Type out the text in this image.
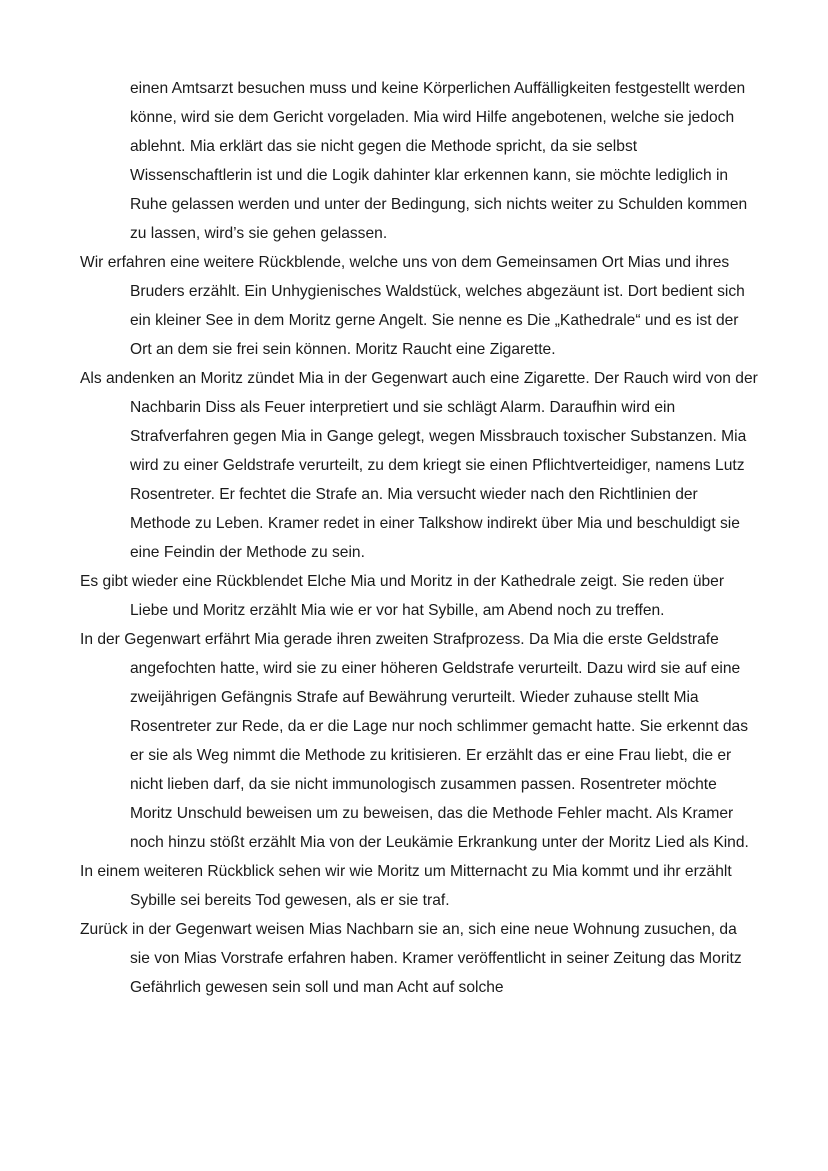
einen Amtsarzt besuchen muss und keine Körperlichen Auffälligkeiten festgestellt werden könne, wird sie dem Gericht vorgeladen. Mia wird Hilfe angebotenen, welche sie jedoch ablehnt. Mia erklärt das sie nicht gegen die Methode spricht, da sie selbst Wissenschaftlerin ist und die Logik dahinter klar erkennen kann, sie möchte lediglich in Ruhe gelassen werden und unter der Bedingung, sich nichts weiter zu Schulden kommen zu lassen, wird’s sie gehen gelassen.

Wir erfahren eine weitere Rückblende, welche uns von dem Gemeinsamen Ort Mias und ihres Bruders erzählt. Ein Unhygienisches Waldstück, welches abgezäunt ist. Dort bedient sich ein kleiner See in dem Moritz gerne Angelt. Sie nenne es Die „Kathedrale“ und es ist der Ort an dem sie frei sein können. Moritz Raucht eine Zigarette.

Als andenken an Moritz zündet Mia in der Gegenwart auch eine Zigarette. Der Rauch wird von der Nachbarin Diss als Feuer interpretiert und sie schlägt Alarm. Daraufhin wird ein Strafverfahren gegen Mia in Gange gelegt, wegen Missbrauch toxischer Substanzen. Mia wird zu einer Geldstrafe verurteilt, zu dem kriegt sie einen Pflichtverteidiger, namens Lutz Rosentreter. Er fechtet die Strafe an. Mia versucht wieder nach den Richtlinien der Methode zu Leben. Kramer redet in einer Talkshow indirekt über Mia und beschuldigt sie eine Feindin der Methode zu sein.

Es gibt wieder eine Rückblendet Elche Mia und Moritz in der Kathedrale zeigt. Sie reden über Liebe und Moritz erzählt Mia wie er vor hat Sybille, am Abend noch zu treffen.

In der Gegenwart erfährt Mia gerade ihren zweiten Strafprozess. Da Mia die erste Geldstrafe angefochten hatte, wird sie zu einer höheren Geldstrafe verurteilt. Dazu wird sie auf eine zweijährigen Gefängnis Strafe auf Bewährung verurteilt. Wieder zuhause stellt Mia Rosentreter zur Rede, da er die Lage nur noch schlimmer gemacht hatte. Sie erkennt das er sie als Weg nimmt die Methode zu kritisieren. Er erzählt das er eine Frau liebt, die er nicht lieben darf, da sie nicht immunologisch zusammen passen. Rosentreter möchte Moritz Unschuld beweisen um zu beweisen, das die Methode Fehler macht. Als Kramer noch hinzu stößt erzählt Mia von der Leukämie Erkrankung unter der Moritz Lied als Kind.

In einem weiteren Rückblick sehen wir wie Moritz um Mitternacht zu Mia kommt und ihr erzählt Sybille sei bereits Tod gewesen, als er sie traf.

Zurück in der Gegenwart weisen Mias Nachbarn sie an, sich eine neue Wohnung zusuchen, da sie von Mias Vorstrafe erfahren haben. Kramer veröffentlicht in seiner Zeitung das Moritz Gefährlich gewesen sein soll und man Acht auf solche
